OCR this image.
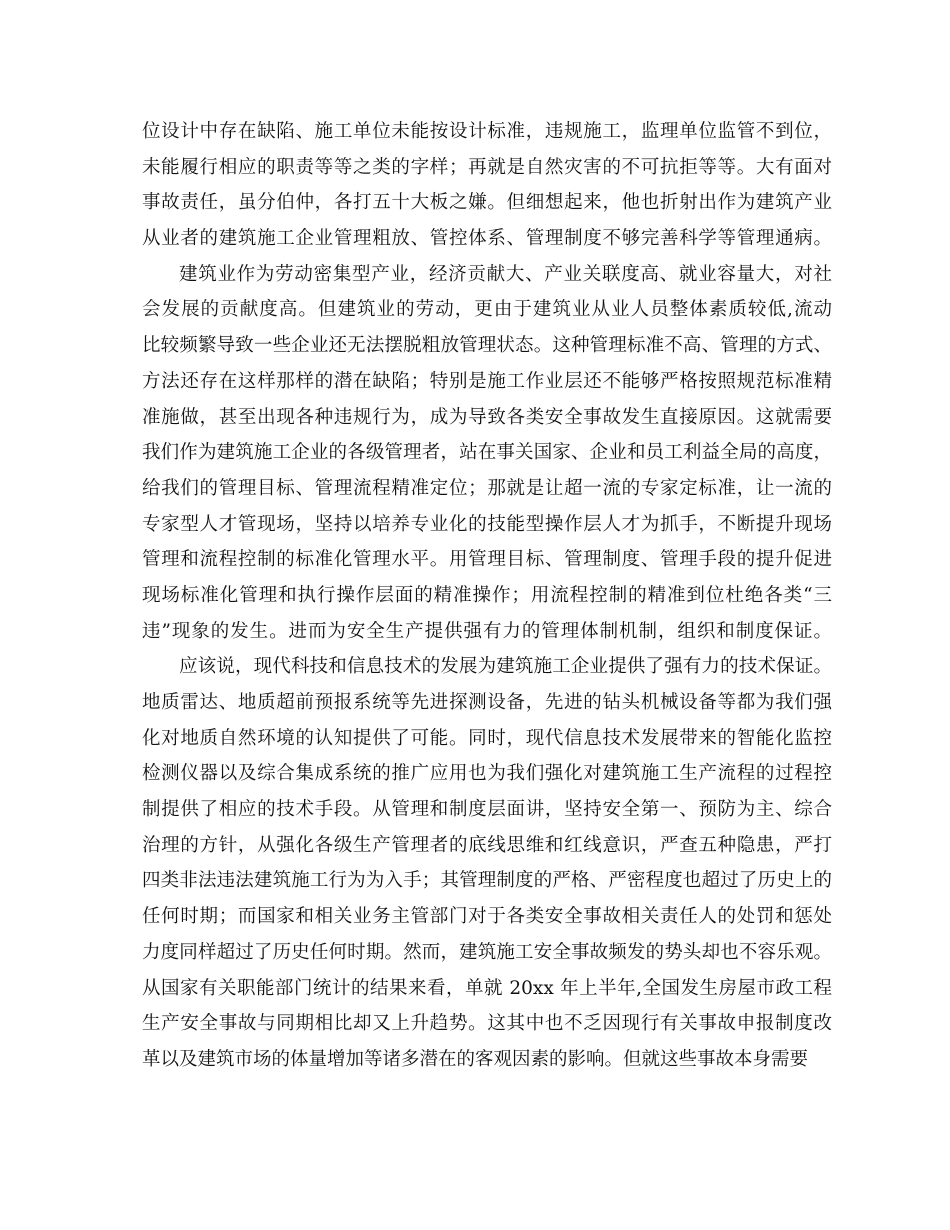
位设计中存在缺陷、施工单位未能按设计标准，违规施工，监理单位监管不到位，
未能履行相应的职责等等之类的字样；再就是自然灾害的不可抗拒等等。大有面对
事故责任，虽分伯仲，各打五十大板之嫌。但细想起来，他也折射出作为建筑产业
从业者的建筑施工企业管理粗放、管控体系、管理制度不够完善科学等管理通病。
建筑业作为劳动密集型产业，经济贡献大、产业关联度高、就业容量大，对社
会发展的贡献度高。但建筑业的劳动，更由于建筑业从业人员整体素质较低,流动
比较频繁导致一些企业还无法摆脱粗放管理状态。这种管理标准不高、管理的方式、
方法还存在这样那样的潜在缺陷；特别是施工作业层还不能够严格按照规范标准精
准施做，甚至出现各种违规行为，成为导致各类安全事故发生直接原因。这就需要
我们作为建筑施工企业的各级管理者，站在事关国家、企业和员工利益全局的高度，
给我们的管理目标、管理流程精准定位；那就是让超一流的专家定标准，让一流的
专家型人才管现场，坚持以培养专业化的技能型操作层人才为抓手，不断提升现场
管理和流程控制的标准化管理水平。用管理目标、管理制度、管理手段的提升促进
现场标准化管理和执行操作层面的精准操作；用流程控制的精准到位杜绝各类“三
违”现象的发生。进而为安全生产提供强有力的管理体制机制，组织和制度保证。
应该说，现代科技和信息技术的发展为建筑施工企业提供了强有力的技术保证。
地质雷达、地质超前预报系统等先进探测设备，先进的钻头机械设备等都为我们强
化对地质自然环境的认知提供了可能。同时，现代信息技术发展带来的智能化监控
检测仪器以及综合集成系统的推广应用也为我们强化对建筑施工生产流程的过程控
制提供了相应的技术手段。从管理和制度层面讲，坚持安全第一、预防为主、综合
治理的方针，从强化各级生产管理者的底线思维和红线意识，严查五种隐患，严打
四类非法违法建筑施工行为为入手；其管理制度的严格、严密程度也超过了历史上的
任何时期；而国家和相关业务主管部门对于各类安全事故相关责任人的处罚和惩处
力度同样超过了历史任何时期。然而，建筑施工安全事故频发的势头却也不容乐观。
从国家有关职能部门统计的结果来看，单就 20xx 年上半年,全国发生房屋市政工程
生产安全事故与同期相比却又上升趋势。这其中也不乏因现行有关事故申报制度改
革以及建筑市场的体量增加等诸多潜在的客观因素的影响。但就这些事故本身需要
